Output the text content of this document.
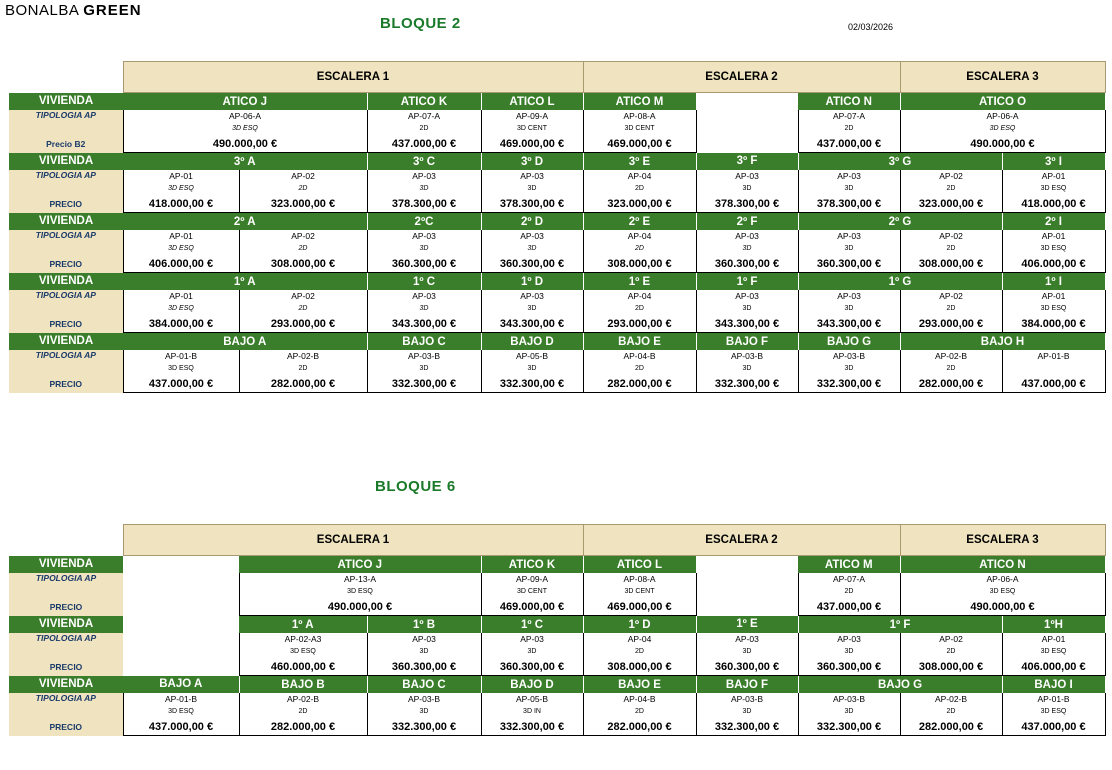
BONALBA GREEN
BLOQUE 2	02/03/2026
BLOQUE 6
	ESCALERA 1				ESCALERA 2			ESCALERA 3	
VIVIENDA	ATICO J		ATICO K	ATICO L	ATICO M		ATICO N	ATICO O	
TIPOLOGIA AP	AP-06-A		AP-07-A	AP-09-A	AP-08-A		AP-07-A	AP-06-A	
	3D ESQ		2D	3D CENT	3D CENT		2D	3D ESQ	
Precio B2	490.000,00 €		437.000,00 €	469.000,00 €	469.000,00 €		437.000,00 €	490.000,00 €	
VIVIENDA	3º A		3º C	3º D	3º E	3º F	3º G		3º I
TIPOLOGIA AP	AP-01	AP-02	AP-03	AP-03	AP-04	AP-03	AP-03	AP-02	AP-01
	3D ESQ	2D	3D	3D	2D	3D	3D	2D	3D ESQ
PRECIO	418.000,00 €	323.000,00 €	378.300,00 €	378.300,00 €	323.000,00 €	378.300,00 €	378.300,00 €	323.000,00 €	418.000,00 €
VIVIENDA	2º A		2ºC	2º D	2º E	2º F	2º G		2º I
TIPOLOGIA AP	AP-01	AP-02	AP-03	AP-03	AP-04	AP-03	AP-03	AP-02	AP-01
	3D ESQ	2D	3D	3D	2D	3D	3D	2D	3D ESQ
PRECIO	406.000,00 €	308.000,00 €	360.300,00 €	360.300,00 €	308.000,00 €	360.300,00 €	360.300,00 €	308.000,00 €	406.000,00 €
VIVIENDA	1º A		1º C	1º D	1º E	1º F	1º G		1º I
TIPOLOGIA AP	AP-01	AP-02	AP-03	AP-03	AP-04	AP-03	AP-03	AP-02	AP-01
	3D ESQ	2D	3D	3D	2D	3D	3D	2D	3D ESQ
PRECIO	384.000,00 €	293.000,00 €	343.300,00 €	343.300,00 €	293.000,00 €	343.300,00 €	343.300,00 €	293.000,00 €	384.000,00 €
VIVIENDA	BAJO A		BAJO C	BAJO D	BAJO E	BAJO F	BAJO G	BAJO H	
TIPOLOGIA AP	AP-01-B	AP-02-B	AP-03-B	AP-05-B	AP-04-B	AP-03-B	AP-03-B	AP-02-B	AP-01-B
	3D ESQ	2D	3D	3D	2D	3D	3D	2D	
PRECIO	437.000,00 €	282.000,00 €	332.300,00 €	332.300,00 €	282.000,00 €	332.300,00 €	332.300,00 €	282.000,00 €	437.000,00 €
	ESCALERA 1				ESCALERA 2			ESCALERA 3	
VIVIENDA		ATICO J		ATICO K	ATICO L		ATICO M	ATICO N	
TIPOLOGIA AP		AP-13-A		AP-09-A	AP-08-A		AP-07-A	AP-06-A	
		3D ESQ		3D CENT	3D CENT		2D	3D ESQ	
PRECIO		490.000,00 €		469.000,00 €	469.000,00 €		437.000,00 €	490.000,00 €	
VIVIENDA		1º A	1º B	1º C	1º D	1º E	1º F		1ºH
TIPOLOGIA AP		AP-02-A3	AP-03	AP-03	AP-04	AP-03	AP-03	AP-02	AP-01
		3D ESQ	3D	3D	2D	3D	3D	2D	3D ESQ
PRECIO		460.000,00 €	360.300,00 €	360.300,00 €	308.000,00 €	360.300,00 €	360.300,00 €	308.000,00 €	406.000,00 €
VIVIENDA	BAJO A	BAJO B	BAJO C	BAJO D	BAJO E	BAJO F	BAJO G		BAJO I
TIPOLOGIA AP	AP-01-B	AP-02-B	AP-03-B	AP-05-B	AP-04-B	AP-03-B	AP-03-B	AP-02-B	AP-01-B
	3D ESQ	2D	3D	3D IN	2D	3D	3D	2D	3D ESQ
PRECIO	437.000,00 €	282.000,00 €	332.300,00 €	332.300,00 €	282.000,00 €	332.300,00 €	332.300,00 €	282.000,00 €	437.000,00 €
